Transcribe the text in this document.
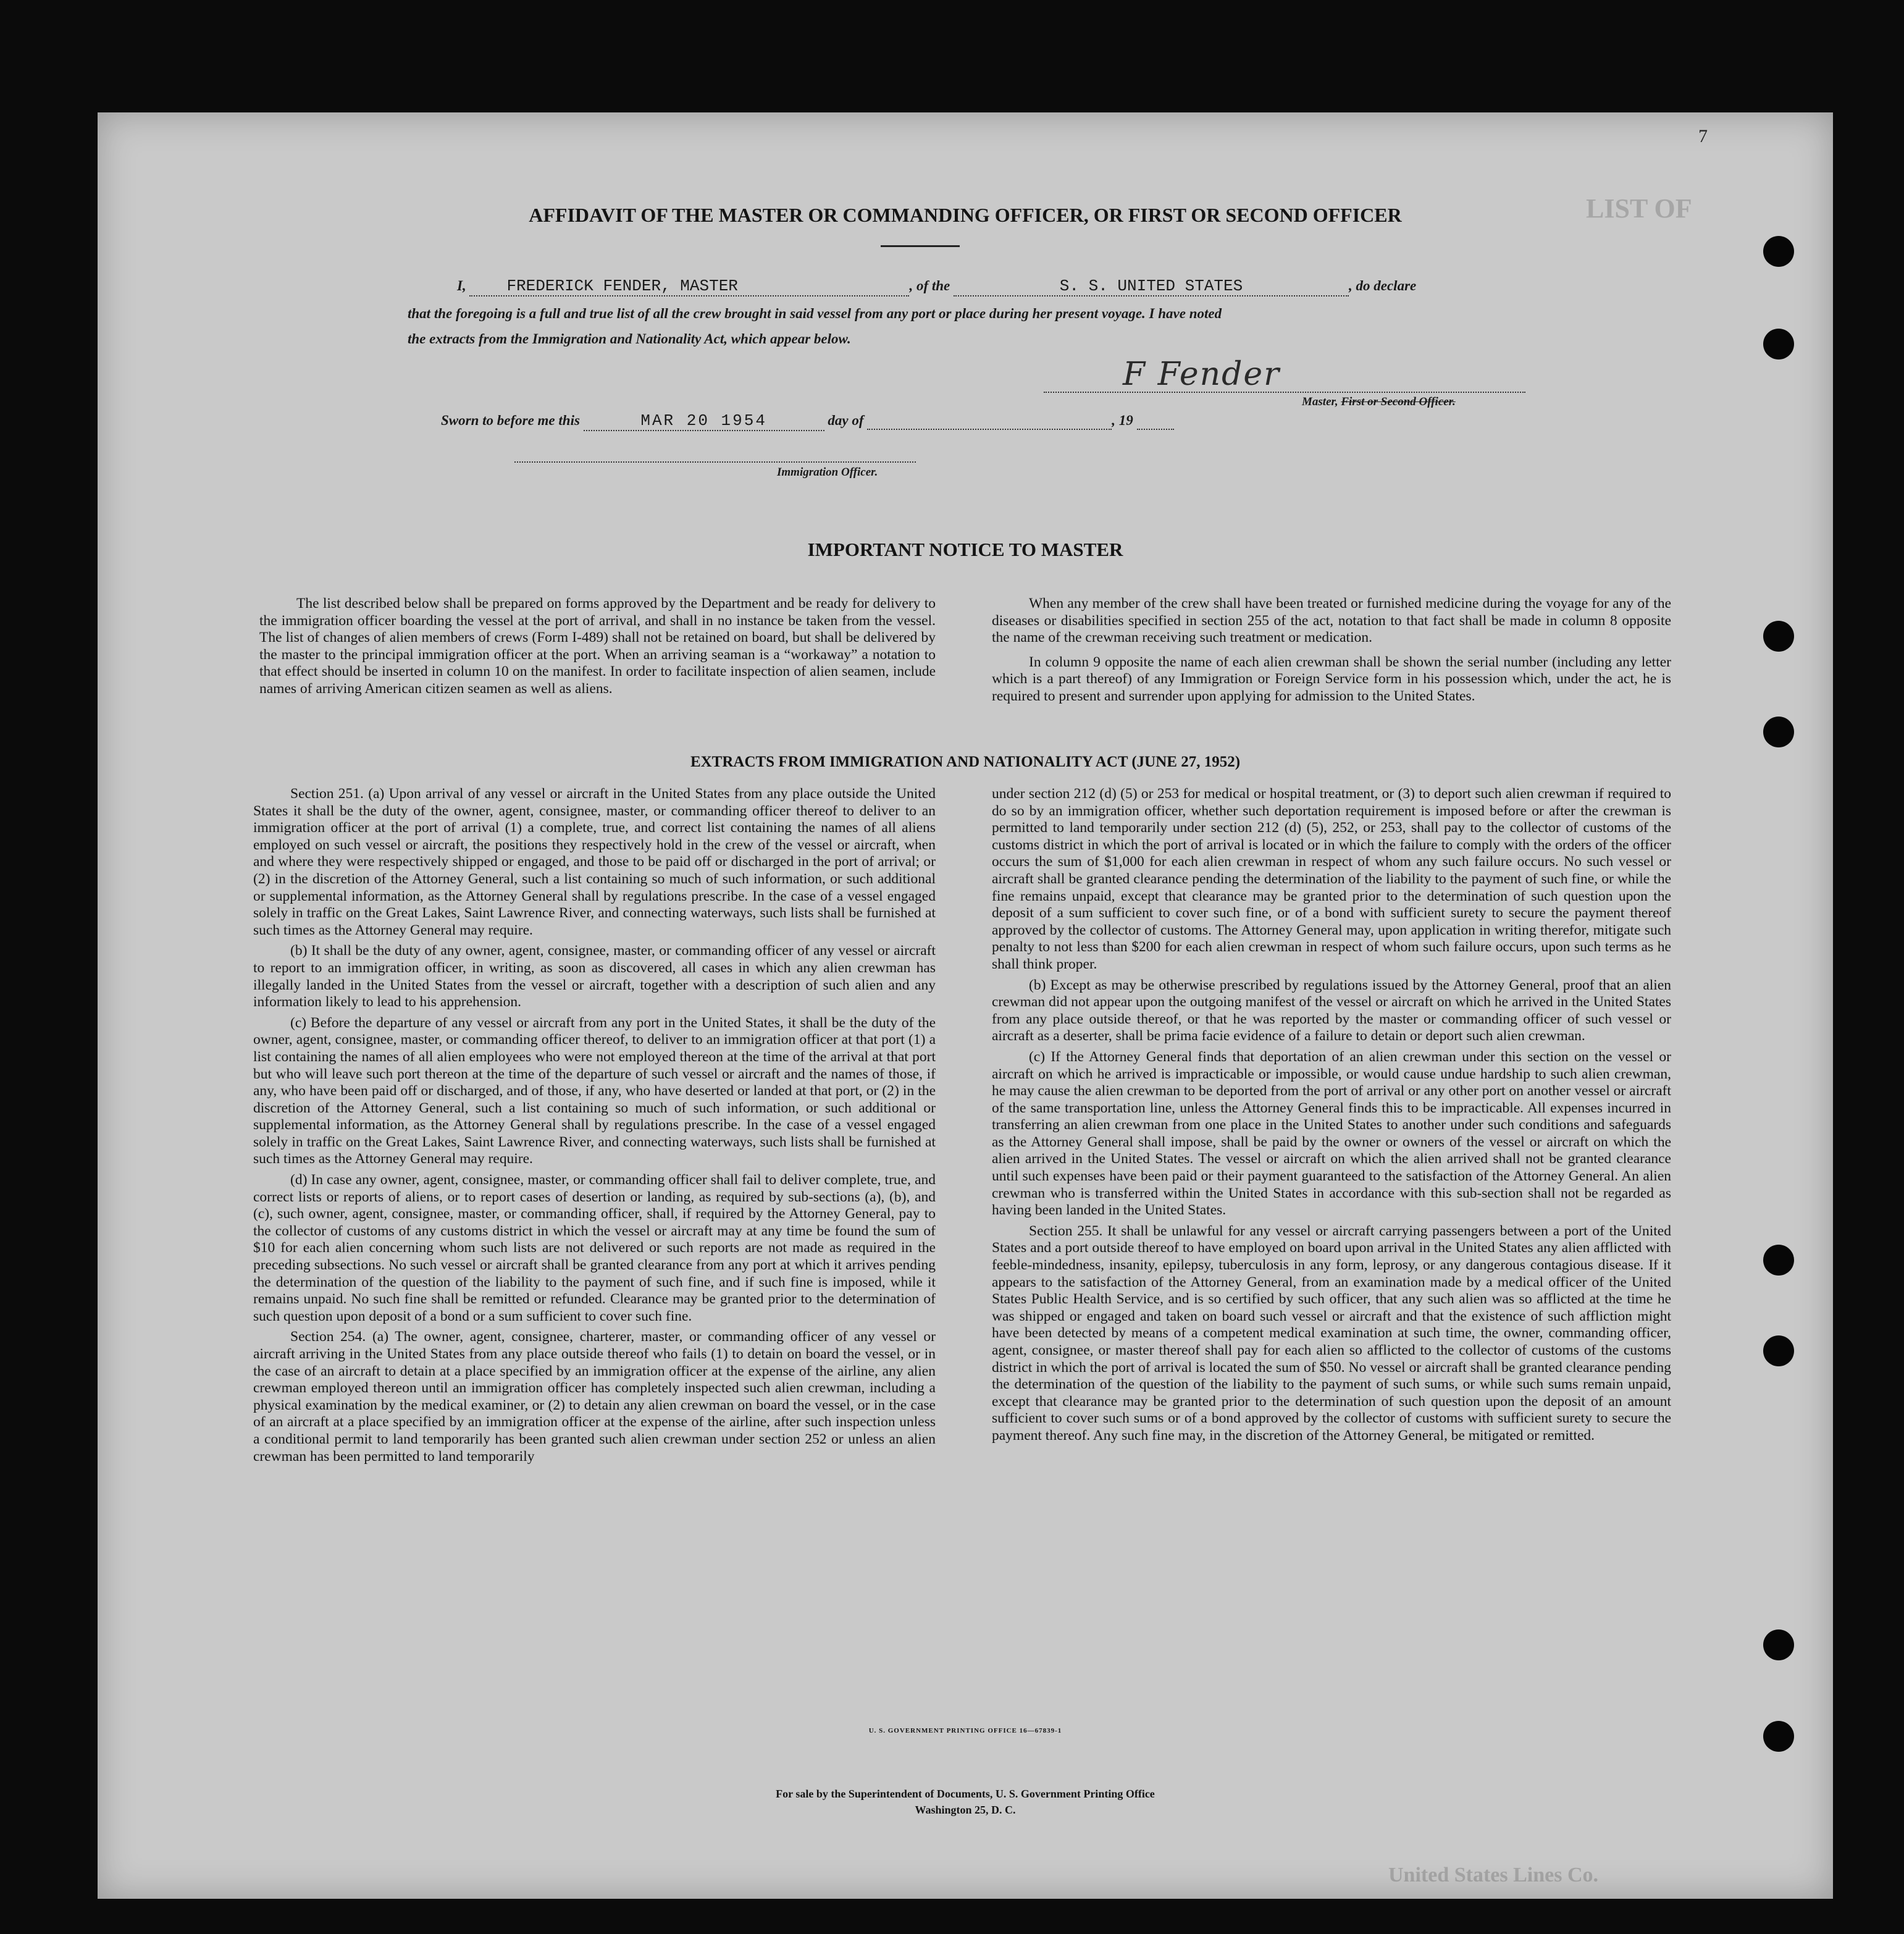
LIST OF
United States Lines Co.
7
AFFIDAVIT OF THE MASTER OR COMMANDING OFFICER, OR FIRST OR SECOND OFFICER
I,	FREDERICK FENDER, MASTER	, of the	S. S. UNITED STATES	, do declare
that the foregoing is a full and true list of all the crew brought in said vessel from any port or place during her present voyage. I have noted
the extracts from the Immigration and Nationality Act, which appear below.
F Fender
Master, First or Second Officer.
Sworn to before me this	MAR 20 1954	day of	, 19
Immigration Officer.
IMPORTANT NOTICE TO MASTER

The list described below shall be prepared on forms approved by the Department and be ready for delivery to the immigration officer boarding the vessel at the port of arrival, and shall in no instance be taken from the vessel. The list of changes of alien members of crews (Form I-489) shall not be retained on board, but shall be delivered by the master to the principal immigration officer at the port. When an arriving seaman is a “workaway” a notation to that effect should be inserted in column 10 on the manifest. In order to facilitate inspection of alien seamen, include names of arriving American citizen seamen as well as aliens.

When any member of the crew shall have been treated or furnished medicine during the voyage for any of the diseases or disabilities specified in section 255 of the act, notation to that fact shall be made in column 8 opposite the name of the crewman receiving such treatment or medication.

In column 9 opposite the name of each alien crewman shall be shown the serial number (including any letter which is a part thereof) of any Immigration or Foreign Service form in his possession which, under the act, he is required to present and surrender upon applying for admission to the United States.

EXTRACTS FROM IMMIGRATION AND NATIONALITY ACT (JUNE 27, 1952)

Section 251. (a) Upon arrival of any vessel or aircraft in the United States from any place outside the United States it shall be the duty of the owner, agent, consignee, master, or commanding officer thereof to deliver to an immigration officer at the port of arrival (1) a complete, true, and correct list containing the names of all aliens employed on such vessel or aircraft, the positions they respectively hold in the crew of the vessel or aircraft, when and where they were respectively shipped or engaged, and those to be paid off or discharged in the port of arrival; or (2) in the discretion of the Attorney General, such a list containing so much of such information, or such additional or supplemental information, as the Attorney General shall by regulations prescribe. In the case of a vessel engaged solely in traffic on the Great Lakes, Saint Lawrence River, and connecting waterways, such lists shall be furnished at such times as the Attorney General may require.

(b) It shall be the duty of any owner, agent, consignee, master, or commanding officer of any vessel or aircraft to report to an immigration officer, in writing, as soon as discovered, all cases in which any alien crewman has illegally landed in the United States from the vessel or aircraft, together with a description of such alien and any information likely to lead to his apprehension.

(c) Before the departure of any vessel or aircraft from any port in the United States, it shall be the duty of the owner, agent, consignee, master, or commanding officer thereof, to deliver to an immigration officer at that port (1) a list containing the names of all alien employees who were not employed thereon at the time of the arrival at that port but who will leave such port thereon at the time of the departure of such vessel or aircraft and the names of those, if any, who have been paid off or discharged, and of those, if any, who have deserted or landed at that port, or (2) in the discretion of the Attorney General, such a list containing so much of such information, or such additional or supplemental information, as the Attorney General shall by regulations prescribe. In the case of a vessel engaged solely in traffic on the Great Lakes, Saint Lawrence River, and connecting waterways, such lists shall be furnished at such times as the Attorney General may require.

(d) In case any owner, agent, consignee, master, or commanding officer shall fail to deliver complete, true, and correct lists or reports of aliens, or to report cases of desertion or landing, as required by sub-sections (a), (b), and (c), such owner, agent, consignee, master, or commanding officer, shall, if required by the Attorney General, pay to the collector of customs of any customs district in which the vessel or aircraft may at any time be found the sum of $10 for each alien concerning whom such lists are not delivered or such reports are not made as required in the preceding subsections. No such vessel or aircraft shall be granted clearance from any port at which it arrives pending the determination of the question of the liability to the payment of such fine, and if such fine is imposed, while it remains unpaid. No such fine shall be remitted or refunded. Clearance may be granted prior to the determination of such question upon deposit of a bond or a sum sufficient to cover such fine.

Section 254. (a) The owner, agent, consignee, charterer, master, or commanding officer of any vessel or aircraft arriving in the United States from any place outside thereof who fails (1) to detain on board the vessel, or in the case of an aircraft to detain at a place specified by an immigration officer at the expense of the airline, any alien crewman employed thereon until an immigration officer has completely inspected such alien crewman, including a physical examination by the medical examiner, or (2) to detain any alien crewman on board the vessel, or in the case of an aircraft at a place specified by an immigration officer at the expense of the airline, after such inspection unless a conditional permit to land temporarily has been granted such alien crewman under section 252 or unless an alien crewman has been permitted to land temporarily

under section 212 (d) (5) or 253 for medical or hospital treatment, or (3) to deport such alien crewman if required to do so by an immigration officer, whether such deportation requirement is imposed before or after the crewman is permitted to land temporarily under section 212 (d) (5), 252, or 253, shall pay to the collector of customs of the customs district in which the port of arrival is located or in which the failure to comply with the orders of the officer occurs the sum of $1,000 for each alien crewman in respect of whom any such failure occurs. No such vessel or aircraft shall be granted clearance pending the determination of the liability to the payment of such fine, or while the fine remains unpaid, except that clearance may be granted prior to the determination of such question upon the deposit of a sum sufficient to cover such fine, or of a bond with sufficient surety to secure the payment thereof approved by the collector of customs. The Attorney General may, upon application in writing therefor, mitigate such penalty to not less than $200 for each alien crewman in respect of whom such failure occurs, upon such terms as he shall think proper.

(b) Except as may be otherwise prescribed by regulations issued by the Attorney General, proof that an alien crewman did not appear upon the outgoing manifest of the vessel or aircraft on which he arrived in the United States from any place outside thereof, or that he was reported by the master or commanding officer of such vessel or aircraft as a deserter, shall be prima facie evidence of a failure to detain or deport such alien crewman.

(c) If the Attorney General finds that deportation of an alien crewman under this section on the vessel or aircraft on which he arrived is impracticable or impossible, or would cause undue hardship to such alien crewman, he may cause the alien crewman to be deported from the port of arrival or any other port on another vessel or aircraft of the same transportation line, unless the Attorney General finds this to be impracticable. All expenses incurred in transferring an alien crewman from one place in the United States to another under such conditions and safeguards as the Attorney General shall impose, shall be paid by the owner or owners of the vessel or aircraft on which the alien arrived in the United States. The vessel or aircraft on which the alien arrived shall not be granted clearance until such expenses have been paid or their payment guaranteed to the satisfaction of the Attorney General. An alien crewman who is transferred within the United States in accordance with this sub-section shall not be regarded as having been landed in the United States.

Section 255. It shall be unlawful for any vessel or aircraft carrying passengers between a port of the United States and a port outside thereof to have employed on board upon arrival in the United States any alien afflicted with feeble-mindedness, insanity, epilepsy, tuberculosis in any form, leprosy, or any dangerous contagious disease. If it appears to the satisfaction of the Attorney General, from an examination made by a medical officer of the United States Public Health Service, and is so certified by such officer, that any such alien was so afflicted at the time he was shipped or engaged and taken on board such vessel or aircraft and that the existence of such affliction might have been detected by means of a competent medical examination at such time, the owner, commanding officer, agent, consignee, or master thereof shall pay for each alien so afflicted to the collector of customs of the customs district in which the port of arrival is located the sum of $50. No vessel or aircraft shall be granted clearance pending the determination of the question of the liability to the payment of such sums, or while such sums remain unpaid, except that clearance may be granted prior to the determination of such question upon the deposit of an amount sufficient to cover such sums or of a bond approved by the collector of customs with sufficient surety to secure the payment thereof. Any such fine may, in the discretion of the Attorney General, be mitigated or remitted.

U. S. GOVERNMENT PRINTING OFFICE 16—67839-1
For sale by the Superintendent of Documents, U. S. Government Printing Office
Washington 25, D. C.
